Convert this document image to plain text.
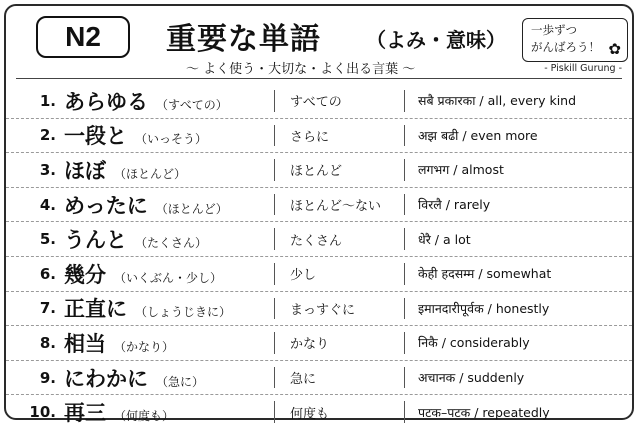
N2	重要な単語 （よみ・意味）
〜 よく使う・大切な・よく出る言葉 〜
一歩ずつ
がんばろう！ ✿
- Piskill Gurung -
1. あらゆる （すべての）	すべての	सबै प्रकारका / all, every kind
2. 一段と （いっそう）	さらに	अझ बढी / even more
3. ほぼ （ほとんど）	ほとんど	लगभग / almost
4. めったに （ほとんど）	ほとんど〜ない	विरलै / rarely
5. うんと （たくさん）	たくさん	धेरै / a lot
6. 幾分 （いくぶん・少し）	少し	केही हदसम्म / somewhat
7. 正直に （しょうじきに）	まっすぐに	इमानदारीपूर्वक / honestly
8. 相当 （かなり）	かなり	निकै / considerably
9. にわかに （急に）	急に	अचानक / suddenly
10. 再三 （何度も）	何度も	पटक–पटक / repeatedly
